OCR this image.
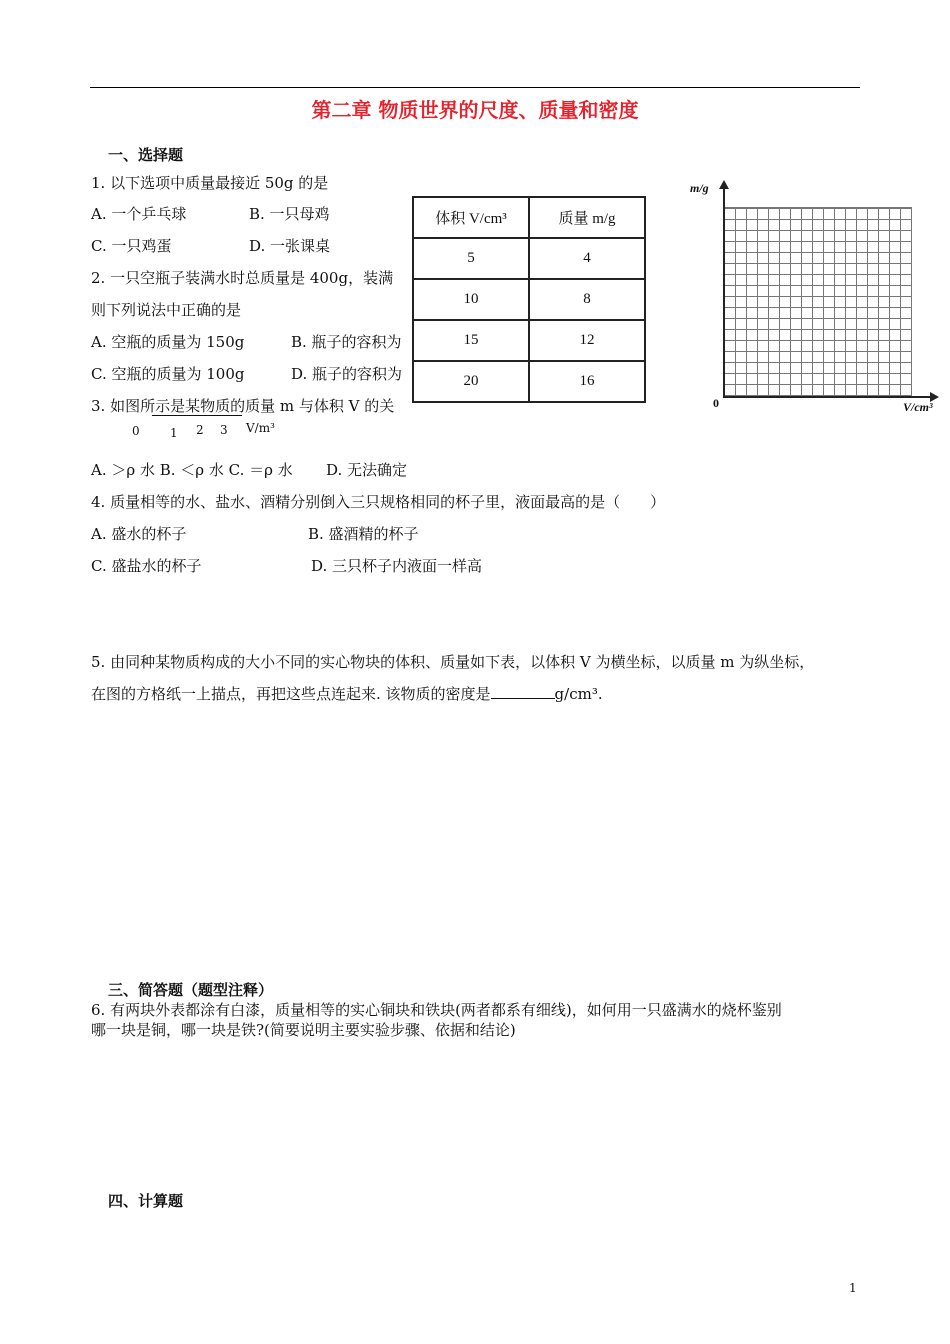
第二章 物质世界的尺度、质量和密度
一、选择题
1. 以下选项中质量最接近 50g 的是
A. 一个乒乓球	B. 一只母鸡
C. 一只鸡蛋	D. 一张课桌
2. 一只空瓶子装满水时总质量是 400g，装满
则下列说法中正确的是
A. 空瓶的质量为 150g	B. 瓶子的容积为
C. 空瓶的质量为 100g	D. 瓶子的容积为
3. 如图所示是某物质的质量 m 与体积 V 的关
0	1 2 3 V/m³
A. ＞ρ 水 B. ＜ρ 水 C. ＝ρ 水 D. 无法确定
体积 V/cm³	质量 m/g
5	4
10	8
15	12
20	16
m/g
V/cm³
0
4. 质量相等的水、盐水、酒精分别倒入三只规格相同的杯子里，液面最高的是（　　）
A. 盛水的杯子	B. 盛酒精的杯子
C. 盛盐水的杯子	D. 三只杯子内液面一样高
5. 由同种某物质构成的大小不同的实心物块的体积、质量如下表，以体积 V 为横坐标，以质量 m 为纵坐标，
在图的方格纸一上描点，再把这些点连起来. 该物质的密度是	g/cm³.
三、简答题（题型注释）
6. 有两块外表都涂有白漆，质量相等的实心铜块和铁块(两者都系有细线)，如何用一只盛满水的烧杯鉴别
哪一块是铜，哪一块是铁?(简要说明主要实验步骤、依据和结论)
四、计算题
1
